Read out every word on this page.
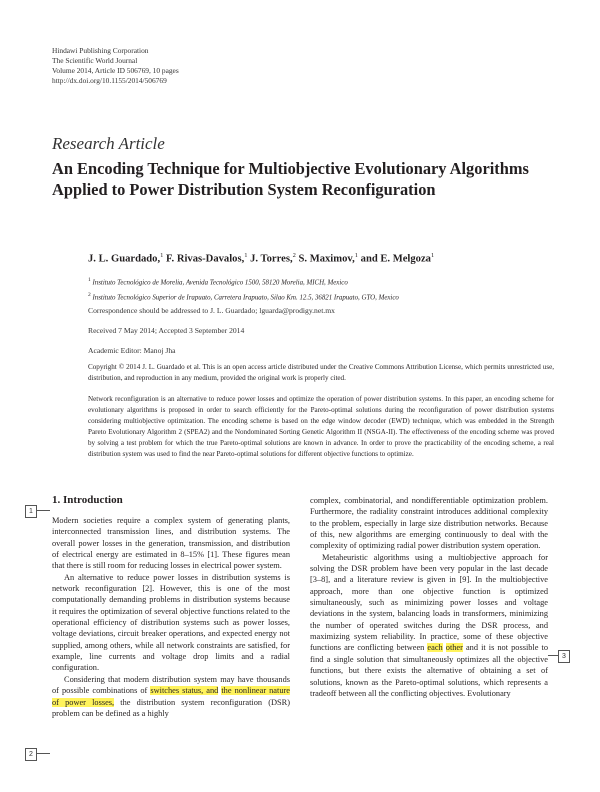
Hindawi Publishing Corporation
The Scientific World Journal
Volume 2014, Article ID 506769, 10 pages
http://dx.doi.org/10.1155/2014/506769
Research Article
An Encoding Technique for Multiobjective Evolutionary Algorithms Applied to Power Distribution System Reconfiguration
J. L. Guardado,$^1$ F. Rivas-Davalos,$^1$ J. Torres,$^2$ S. Maximov,$^1$ and E. Melgoza$^1$
$^1$ Instituto Tecnológico de Morelia, Avenida Tecnológico 1500, 58120 Morelia, MICH, Mexico
$^2$ Instituto Tecnológico Superior de Irapuato, Carretera Irapuato, Silao Km. 12.5, 36821 Irapuato, GTO, Mexico
Correspondence should be addressed to J. L. Guardado; lguarda@prodigy.net.mx
Received 7 May 2014; Accepted 3 September 2014
Academic Editor: Manoj Jha
Copyright © 2014 J. L. Guardado et al. This is an open access article distributed under the Creative Commons Attribution License, which permits unrestricted use, distribution, and reproduction in any medium, provided the original work is properly cited.
Network reconfiguration is an alternative to reduce power losses and optimize the operation of power distribution systems. In this paper, an encoding scheme for evolutionary algorithms is proposed in order to search efficiently for the Pareto-optimal solutions during the reconfiguration of power distribution systems considering multiobjective optimization. The encoding scheme is based on the edge window decoder (EWD) technique, which was embedded in the Strength Pareto Evolutionary Algorithm 2 (SPEA2) and the Nondominated Sorting Genetic Algorithm II (NSGA-II). The effectiveness of the encoding scheme was proved by solving a test problem for which the true Pareto-optimal solutions are known in advance. In order to prove the practicability of the encoding scheme, a real distribution system was used to find the near Pareto-optimal solutions for different objective functions to optimize.
1. Introduction

Modern societies require a complex system of generating plants, interconnected transmission lines, and distribution systems. The overall power losses in the generation, transmission, and distribution of electrical energy are estimated in 8–15% [1]. These figures mean that there is still room for reducing losses in electrical power system.

An alternative to reduce power losses in distribution systems is network reconfiguration [2]. However, this is one of the most computationally demanding problems in distribution systems because it requires the optimization of several objective functions related to the operational efficiency of distribution systems such as power losses, voltage deviations, circuit breaker operations, and expected energy not supplied, among others, while all network constraints are satisfied, for example, line currents and voltage drop limits and a radial configuration.

Considering that modern distribution system may have thousands of possible combinations of switches status, and the nonlinear nature of power losses, the distribution system reconfiguration (DSR) problem can be defined as a highly

complex, combinatorial, and nondifferentiable optimization problem. Furthermore, the radiality constraint introduces additional complexity to the problem, especially in large size distribution networks. Because of this, new algorithms are emerging continuously to deal with the complexity of optimizing radial power distribution system operation.

Metaheuristic algorithms using a multiobjective approach for solving the DSR problem have been very popular in the last decade [3–8], and a literature review is given in [9]. In the multiobjective approach, more than one objective function is optimized simultaneously, such as minimizing power losses and voltage deviations in the system, balancing loads in transformers, minimizing the number of operated switches during the DSR process, and maximizing system reliability. In practice, some of these objective functions are conflicting between each other and it is not possible to find a single solution that simultaneously optimizes all the objective functions, but there exists the alternative of obtaining a set of solutions, known as the Pareto-optimal solutions, which represents a tradeoff between all the conflicting objectives. Evolutionary

1
2
3
